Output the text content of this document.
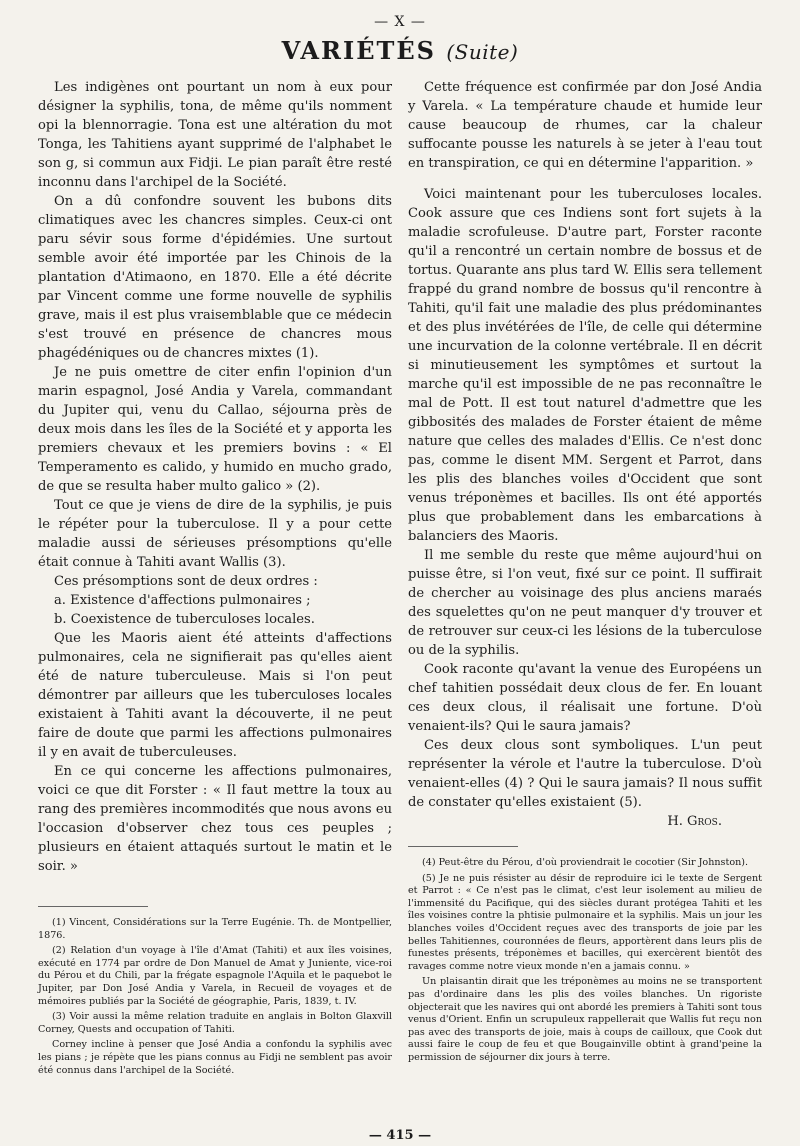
— X —
VARIÉTÉS (Suite)

Les indigènes ont pourtant un nom à eux pour désigner la syphilis, tona, de même qu'ils nomment opi la blennorragie. Tona est une altération du mot Tonga, les Tahitiens ayant supprimé de l'alphabet le son g, si commun aux Fidji. Le pian paraît être resté inconnu dans l'archipel de la Société.

On a dû confondre souvent les bubons dits climatiques avec les chancres simples. Ceux-ci ont paru sévir sous forme d'épidémies. Une surtout semble avoir été importée par les Chinois de la plantation d'Atimaono, en 1870. Elle a été décrite par Vincent comme une forme nouvelle de syphilis grave, mais il est plus vraisemblable que ce médecin s'est trouvé en présence de chancres mous phagédéniques ou de chancres mixtes (1).

Je ne puis omettre de citer enfin l'opinion d'un marin espagnol, José Andia y Varela, commandant du Jupiter qui, venu du Callao, séjourna près de deux mois dans les îles de la Société et y apporta les premiers chevaux et les premiers bovins : « El Temperamento es calido, y humido en mucho grado, de que se resulta haber multo galico » (2).

Tout ce que je viens de dire de la syphilis, je puis le répéter pour la tuberculose. Il y a pour cette maladie aussi de sérieuses présomptions qu'elle était connue à Tahiti avant Wallis (3).

Ces présomptions sont de deux ordres :

a. Existence d'affections pulmonaires ;

b. Coexistence de tuberculoses locales.

Que les Maoris aient été atteints d'affections pulmonaires, cela ne signifierait pas qu'elles aient été de nature tuberculeuse. Mais si l'on peut démontrer par ailleurs que les tuberculoses locales existaient à Tahiti avant la découverte, il ne peut faire de doute que parmi les affections pulmonaires il y en avait de tuberculeuses.

En ce qui concerne les affections pulmonaires, voici ce que dit Forster : « Il faut mettre la toux au rang des premières incommodités que nous avons eu l'occasion d'observer chez tous ces peuples ; plusieurs en étaient attaqués surtout le matin et le soir. »

Cette fréquence est confirmée par don José Andia y Varela. « La température chaude et humide leur cause beaucoup de rhumes, car la chaleur suffocante pousse les naturels à se jeter à l'eau tout en transpiration, ce qui en détermine l'apparition. »

Voici maintenant pour les tuberculoses locales. Cook assure que ces Indiens sont fort sujets à la maladie scrofuleuse. D'autre part, Forster raconte qu'il a rencontré un certain nombre de bossus et de tortus. Quarante ans plus tard W. Ellis sera tellement frappé du grand nombre de bossus qu'il rencontre à Tahiti, qu'il fait une maladie des plus prédominantes et des plus invétérées de l'île, de celle qui détermine une incurvation de la colonne vertébrale. Il en décrit si minutieusement les symptômes et surtout la marche qu'il est impossible de ne pas reconnaître le mal de Pott. Il est tout naturel d'admettre que les gibbosités des malades de Forster étaient de même nature que celles des malades d'Ellis. Ce n'est donc pas, comme le disent MM. Sergent et Parrot, dans les plis des blanches voiles d'Occident que sont venus tréponèmes et bacilles. Ils ont été apportés plus que probablement dans les embarcations à balanciers des Maoris.

Il me semble du reste que même aujourd'hui on puisse être, si l'on veut, fixé sur ce point. Il suffirait de chercher au voisinage des plus anciens maraés des squelettes qu'on ne peut manquer d'y trouver et de retrouver sur ceux-ci les lésions de la tuberculose ou de la syphilis.

Cook raconte qu'avant la venue des Européens un chef tahitien possédait deux clous de fer. En louant ces deux clous, il réalisait une fortune. D'où venaient-ils? Qui le saura jamais?

Ces deux clous sont symboliques. L'un peut représenter la vérole et l'autre la tuberculose. D'où venaient-elles (4) ? Qui le saura jamais? Il nous suffit de constater qu'elles existaient (5).

H. Gros.

(1) Vincent, Considérations sur la Terre Eugénie. Th. de Montpellier, 1876.

(2) Relation d'un voyage à l'île d'Amat (Tahiti) et aux îles voisines, exécuté en 1774 par ordre de Don Manuel de Amat y Juniente, vice-roi du Pérou et du Chili, par la frégate espagnole l'Aquila et le paquebot le Jupiter, par Don José Andia y Varela, in Recueil de voyages et de mémoires publiés par la Société de géographie, Paris, 1839, t. IV.

(3) Voir aussi la même relation traduite en anglais in Bolton Glaxvill Corney, Quests and occupation of Tahiti.

Corney incline à penser que José Andia a confondu la syphilis avec les pians ; je répète que les pians connus au Fidji ne semblent pas avoir été connus dans l'archipel de la Société.

(4) Peut-être du Pérou, d'où proviendrait le cocotier (Sir Johnston).

(5) Je ne puis résister au désir de reproduire ici le texte de Sergent et Parrot : « Ce n'est pas le climat, c'est leur isolement au milieu de l'immensité du Pacifique, qui des siècles durant protégea Tahiti et les îles voisines contre la phtisie pulmonaire et la syphilis. Mais un jour les blanches voiles d'Occident reçues avec des transports de joie par les belles Tahitiennes, couronnées de fleurs, apportèrent dans leurs plis de funestes présents, tréponèmes et bacilles, qui exercèrent bientôt des ravages comme notre vieux monde n'en a jamais connu. »

Un plaisantin dirait que les tréponèmes au moins ne se transportent pas d'ordinaire dans les plis des voiles blanches. Un rigoriste objecterait que les navires qui ont abordé les premiers à Tahiti sont tous venus d'Orient. Enfin un scrupuleux rappellerait que Wallis fut reçu non pas avec des transports de joie, mais à coups de cailloux, que Cook dut aussi faire le coup de feu et que Bougainville obtint à grand'peine la permission de séjourner dix jours à terre.

— 415 —
